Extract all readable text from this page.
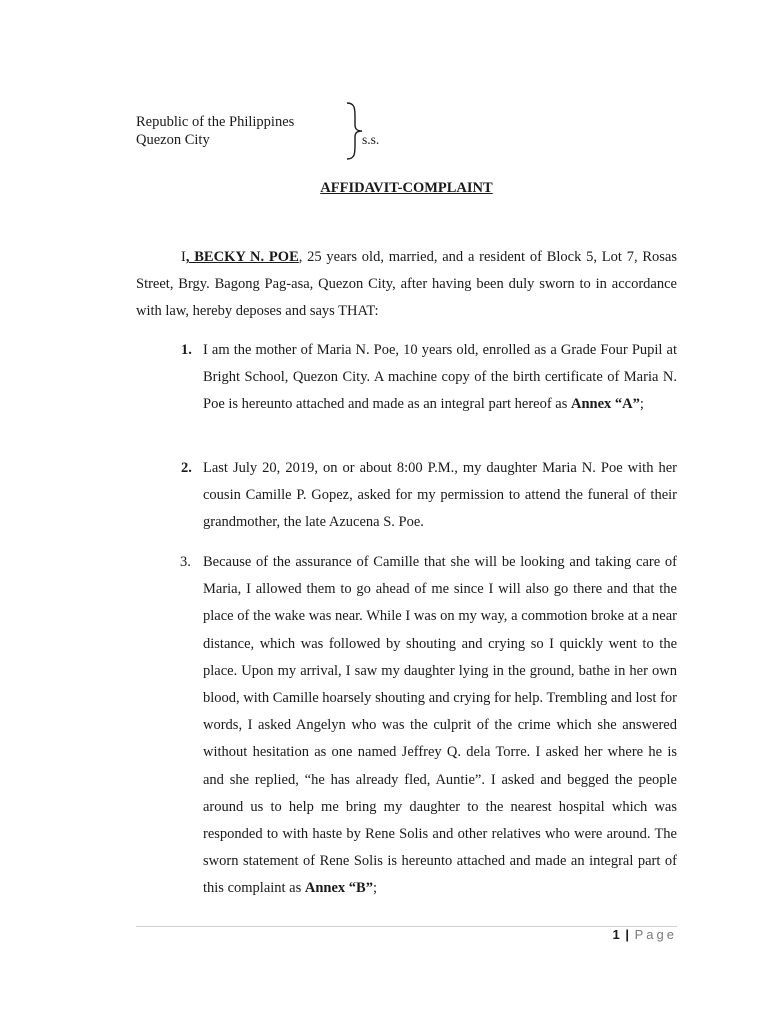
Republic of the Philippines
Quezon City	s.s.
AFFIDAVIT-COMPLAINT
I, BECKY N. POE, 25 years old, married, and a resident of Block 5, Lot 7, Rosas Street, Brgy. Bagong Pag-asa, Quezon City, after having been duly sworn to in accordance with law, hereby deposes and says THAT:
1. I am the mother of Maria N. Poe, 10 years old, enrolled as a Grade Four Pupil at Bright School, Quezon City. A machine copy of the birth certificate of Maria N. Poe is hereunto attached and made as an integral part hereof as Annex “A”;
2. Last July 20, 2019, on or about 8:00 P.M., my daughter Maria N. Poe with her cousin Camille P. Gopez, asked for my permission to attend the funeral of their grandmother, the late Azucena S. Poe.
3. Because of the assurance of Camille that she will be looking and taking care of Maria, I allowed them to go ahead of me since I will also go there and that the place of the wake was near. While I was on my way, a commotion broke at a near distance, which was followed by shouting and crying so I quickly went to the place. Upon my arrival, I saw my daughter lying in the ground, bathe in her own blood, with Camille hoarsely shouting and crying for help. Trembling and lost for words, I asked Angelyn who was the culprit of the crime which she answered without hesitation as one named Jeffrey Q. dela Torre. I asked her where he is and she replied, “he has already fled, Auntie”. I asked and begged the people around us to help me bring my daughter to the nearest hospital which was responded to with haste by Rene Solis and other relatives who were around. The sworn statement of Rene Solis is hereunto attached and made an integral part of this complaint as Annex “B”;
1 | Page
